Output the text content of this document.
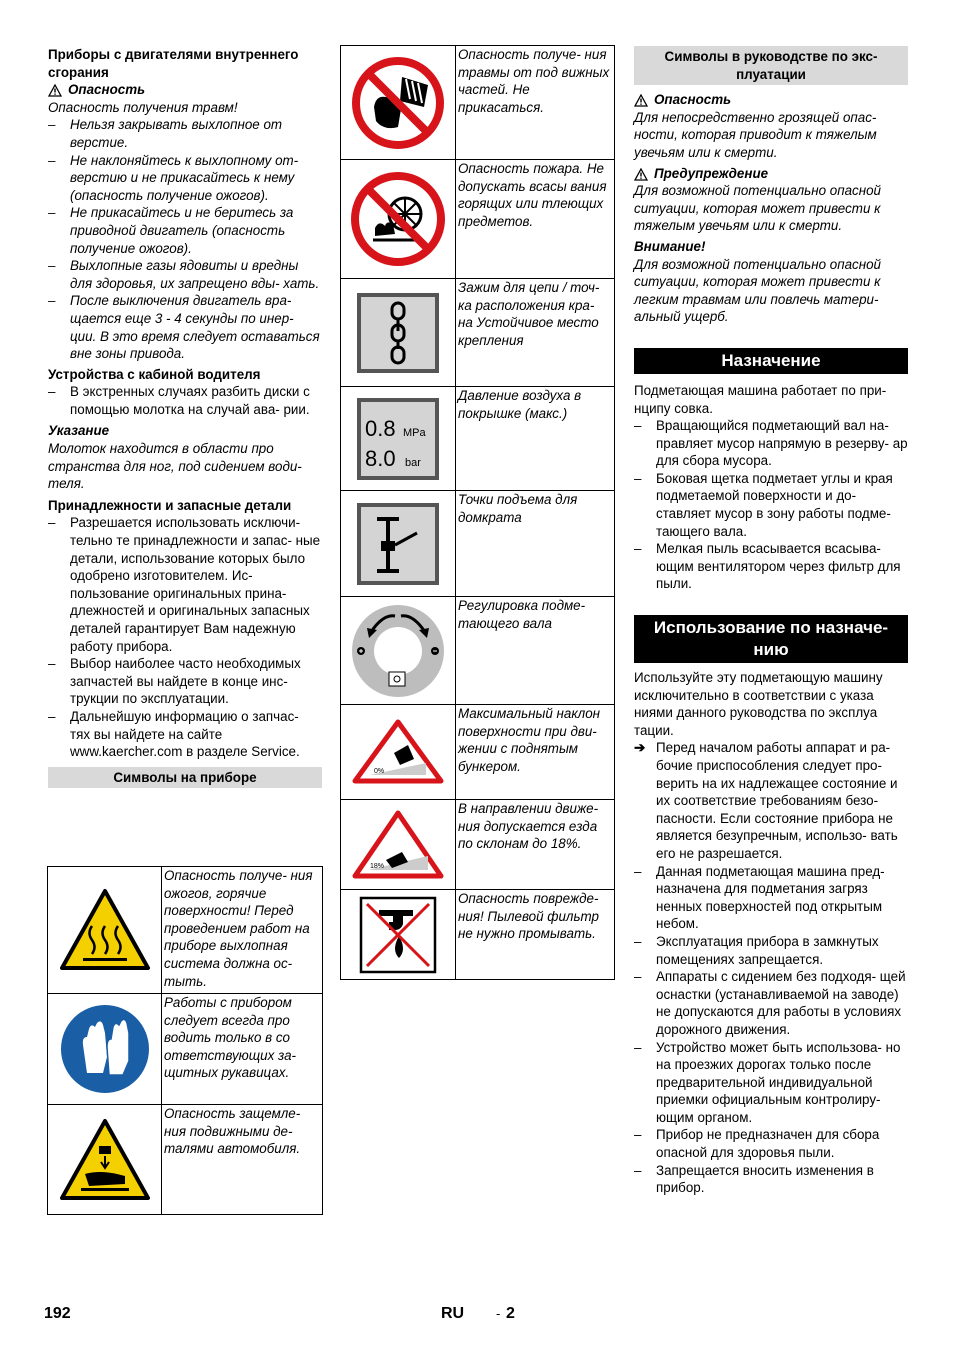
Приборы с двигателями внутреннего сгорания
Опасность
Опасность получения травм!
– Нельзя закрывать выхлопное от верстие.
– Не наклоняйтесь к выхлопному от- верстию и не прикасайтесь к нему (опасность получение ожогов).
– Не прикасайтесь и не беритесь за приводной двигатель (опасность получение ожогов).
– Выхлопные газы ядовиты и вредны для здоровья, их запрещено вды- хать.
– После выключения двигатель вра- щается еще 3 - 4 секунды по инер- ции. В это время следует оставаться вне зоны привода.
Устройства с кабиной водителя
– В экстренных случаях разбить диски с помощью молотка на случай ава- рии.
Указание
Молоток находится в области про странства для ног, под сидением води- теля.
Принадлежности и запасные детали
– Разрешается использовать исключи- тельно те принадлежности и запас- ные детали, использование которых было одобрено изготовителем. Ис- пользование оригинальных прина- длежностей и оригинальных запасных деталей гарантирует Вам надежную работу прибора.
– Выбор наиболее часто необходимых запчастей вы найдете в конце инс- трукции по эксплуатации.
– Дальнейшую информацию о запчас- тях вы найдете на сайте www.kaercher.com в разделе Service.
Символы на приборе
	Опасность получе- ния ожогов, горячие поверхности! Перед проведением работ на приборе выхлопная система должна ос- тыть.
	Работы с прибором следует всегда про водить только в со ответствующих за- щитных рукавицах.
	Опасность защемле- ния подвижными де- талями автомобиля.
	Опасность получе- ния травмы от под вижных частей. Не прикасаться.
	Опасность пожара. Не допускать всасы вания горящих или тлеющих предметов.
	Зажим для цепи / точ- ка расположения кра- на Устойчивое место крепления

0.8 MPa
8.0 bar	Давление воздуха в покрышке (макс.)
	Точки подъема для домкрата
	Регулировка подме- тающего вала

0%	Максимальный наклон поверхности при дви- жении с поднятым бункером.

18%	В направлении движе- ния допускается езда по склонам до 18%.
	Опасность поврежде- ния! Пылевой фильтр не нужно промывать.
Символы в руководстве по экс- плуатации
Опасность
Для непосредственно грозящей опас- ности, которая приводит к тяжелым увечьям или к смерти.
Предупреждение
Для возможной потенциально опасной ситуации, которая может привести к тяжелым увечьям или к смерти.
Внимание!
Для возможной потенциально опасной ситуации, которая может привести к легким травмам или повлечь матери- альный ущерб.
Назначение
Подметающая машина работает по при- нципу совка.
– Вращающийся подметающий вал на- правляет мусор напрямую в резерву- ар для сбора мусора.
– Боковая щетка подметает углы и края подметаемой поверхности и до- ставляет мусор в зону работы подме- тающего вала.
– Мелкая пыль всасывается всасыва- ющим вентилятором через фильтр для пыли.
Использование по назначе- нию
Используйте эту подметающую машину исключительно в соответствии с указа ниями данного руководства по эксплуа тации.
➔ Перед началом работы аппарат и ра- бочие приспособления следует про- верить на их надлежащее состояние и их соответствие требованиям безо- пасности. Если состояние прибора не является безупречным, использо- вать его не разрешается.
– Данная подметающая машина пред- назначена для подметания загряз ненных поверхностей под открытым небом.
– Эксплуатация прибора в замкнутых помещениях запрещается.
– Аппараты с сидением без подходя- щей оснастки (устанавливаемой на заводе) не допускаются для работы в условиях дорожного движения.
– Устройство может быть использова- но на проезжих дорогах только после предварительной индивидуальной приемки официальным контролиру- ющим органом.
– Прибор не предназначен для сбора опасной для здоровья пыли.
– Запрещается вносить изменения в прибор.
192	RU - 2
